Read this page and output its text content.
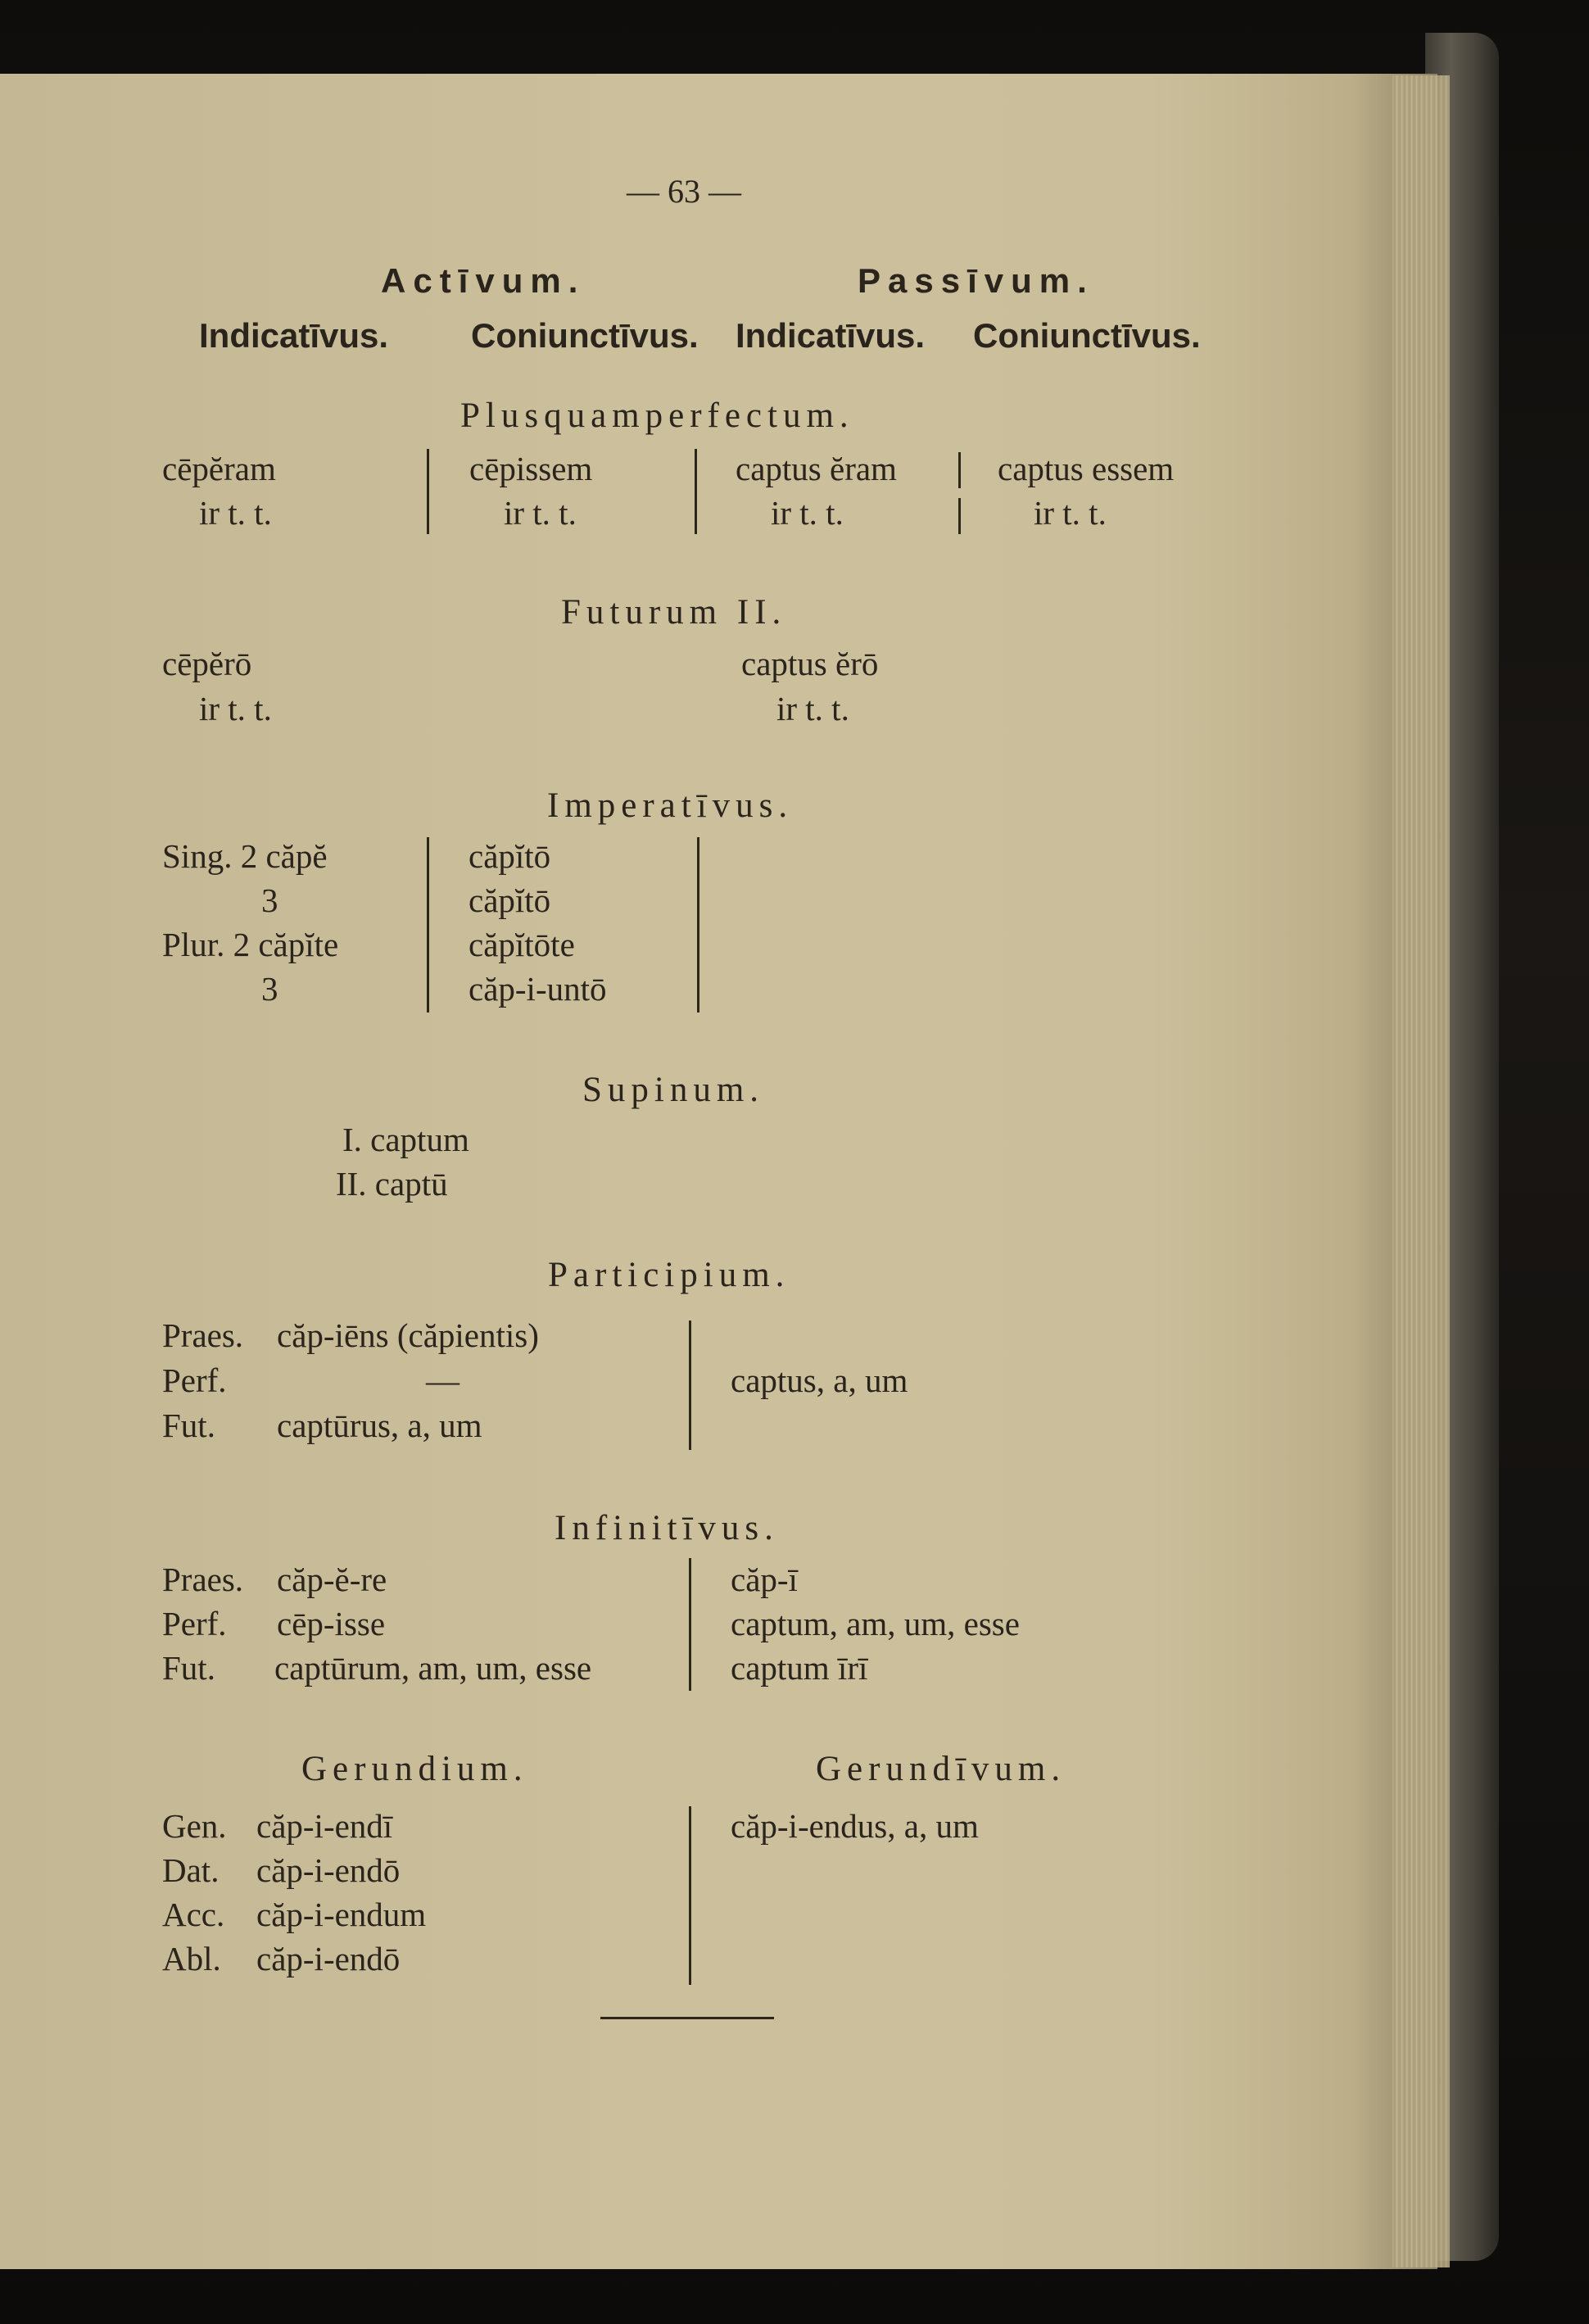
— 63 —
Actīvum.	Passīvum.
Indicatīvus. Coniunctīvus. Indicatīvus. Coniunctīvus.
Plusquamperfectum.
cēpĕram
ir t. t.
cēpissem
ir t. t.
captus ĕram
ir t. t.
captus essem
ir t. t.
Futurum II.
cēpĕrō
ir t. t.
captus ĕrō
ir t. t.
Imperatīvus.
Sing. 2 căpĕ
3
Plur. 2 căpĭte
3
căpĭtō
căpĭtō
căpĭtōte
căp-i-untō
Supinum.
I. captum
II. captū
Participium.
Praes.
Perf.
Fut.
căp-iēns (căpientis)
—
captūrus, a, um
captus, a, um
Infinitīvus.
Praes.
Perf.
Fut.
căp-ĕ-re
cēp-isse
captūrum, am, um, esse
căp-ī
captum, am, um, esse
captum īrī
Gerundium.	Gerundīvum.
Gen.
Dat.
Acc.
Abl.
căp-i-endī
căp-i-endō
căp-i-endum
căp-i-endō
căp-i-endus, a, um
